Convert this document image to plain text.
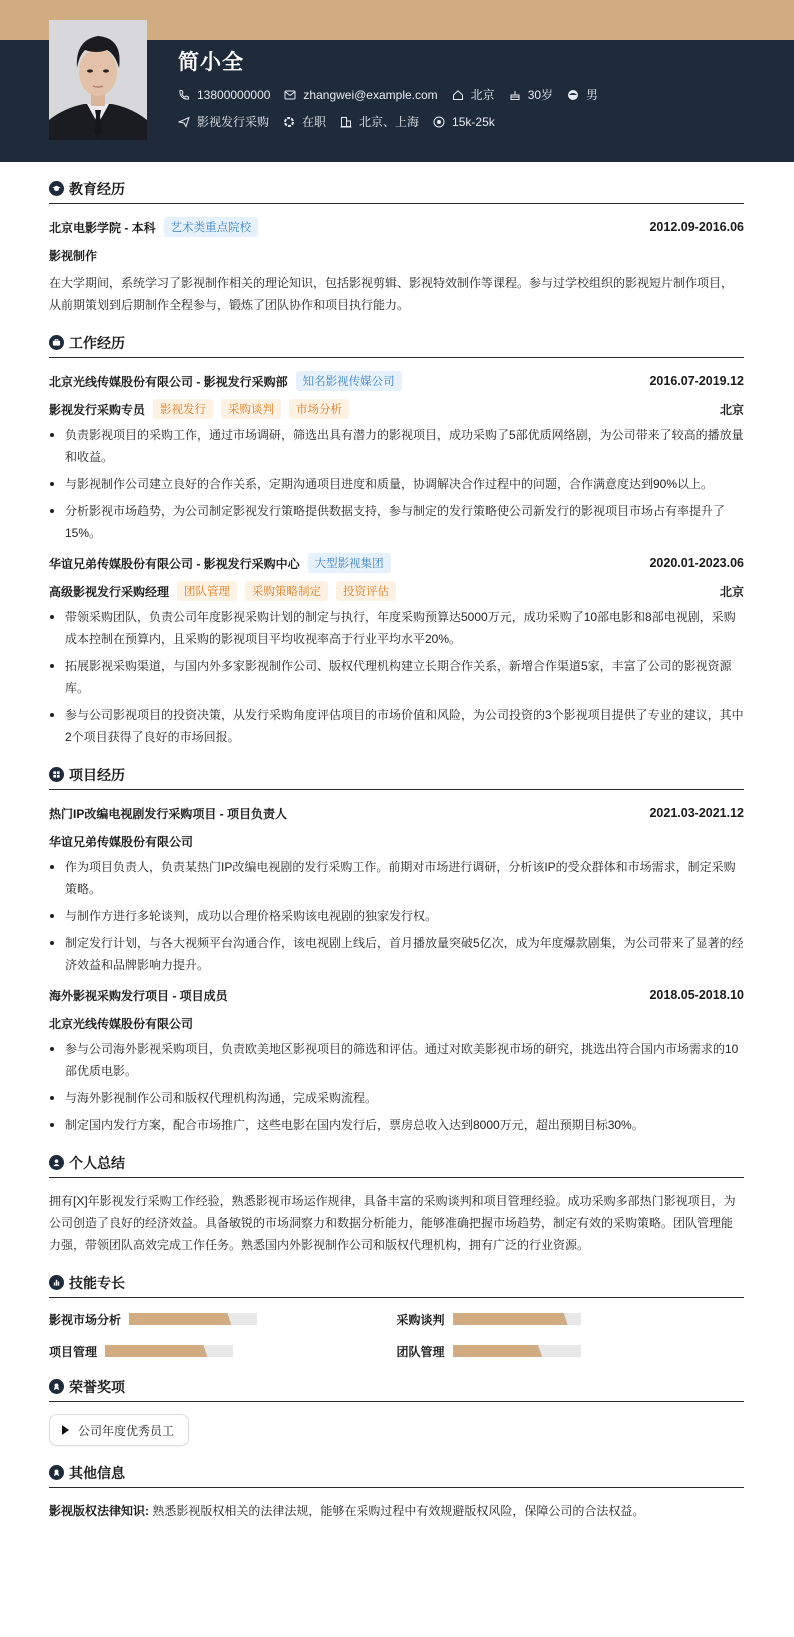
简小全
13800000000	zhangwei@example.com	北京	30岁	男
影视发行采购	在职	北京、上海	15k-25k
教育经历
北京电影学院 - 本科	艺术类重点院校	2012.09-2016.06
影视制作
在大学期间，系统学习了影视制作相关的理论知识，包括影视剪辑、影视特效制作等课程。参与过学校组织的影视短片制作项目，从前期策划到后期制作全程参与，锻炼了团队协作和项目执行能力。
工作经历
北京光线传媒股份有限公司 - 影视发行采购部	知名影视传媒公司	2016.07-2019.12
影视发行采购专员	影视发行	采购谈判	市场分析	北京
负责影视项目的采购工作，通过市场调研，筛选出具有潜力的影视项目，成功采购了5部优质网络剧，为公司带来了较高的播放量和收益。
与影视制作公司建立良好的合作关系，定期沟通项目进度和质量，协调解决合作过程中的问题，合作满意度达到90%以上。
分析影视市场趋势，为公司制定影视发行策略提供数据支持，参与制定的发行策略使公司新发行的影视项目市场占有率提升了15%。
华谊兄弟传媒股份有限公司 - 影视发行采购中心	大型影视集团	2020.01-2023.06
高级影视发行采购经理	团队管理	采购策略制定	投资评估	北京
带领采购团队，负责公司年度影视采购计划的制定与执行，年度采购预算达5000万元，成功采购了10部电影和8部电视剧，采购成本控制在预算内，且采购的影视项目平均收视率高于行业平均水平20%。
拓展影视采购渠道，与国内外多家影视制作公司、版权代理机构建立长期合作关系，新增合作渠道5家，丰富了公司的影视资源库。
参与公司影视项目的投资决策，从发行采购角度评估项目的市场价值和风险，为公司投资的3个影视项目提供了专业的建议，其中2个项目获得了良好的市场回报。
项目经历
热门IP改编电视剧发行采购项目 - 项目负责人	2021.03-2021.12
华谊兄弟传媒股份有限公司
作为项目负责人，负责某热门IP改编电视剧的发行采购工作。前期对市场进行调研，分析该IP的受众群体和市场需求，制定采购策略。
与制作方进行多轮谈判，成功以合理价格采购该电视剧的独家发行权。
制定发行计划，与各大视频平台沟通合作，该电视剧上线后，首月播放量突破5亿次，成为年度爆款剧集，为公司带来了显著的经济效益和品牌影响力提升。
海外影视采购发行项目 - 项目成员	2018.05-2018.10
北京光线传媒股份有限公司
参与公司海外影视采购项目，负责欧美地区影视项目的筛选和评估。通过对欧美影视市场的研究，挑选出符合国内市场需求的10部优质电影。
与海外影视制作公司和版权代理机构沟通，完成采购流程。
制定国内发行方案，配合市场推广，这些电影在国内发行后，票房总收入达到8000万元，超出预期目标30%。
个人总结
拥有[X]年影视发行采购工作经验，熟悉影视市场运作规律，具备丰富的采购谈判和项目管理经验。成功采购多部热门影视项目，为公司创造了良好的经济效益。具备敏锐的市场洞察力和数据分析能力，能够准确把握市场趋势，制定有效的采购策略。团队管理能力强，带领团队高效完成工作任务。熟悉国内外影视制作公司和版权代理机构，拥有广泛的行业资源。
技能专长
影视市场分析	采购谈判
项目管理	团队管理
荣誉奖项
公司年度优秀员工
其他信息
影视版权法律知识: 熟悉影视版权相关的法律法规，能够在采购过程中有效规避版权风险，保障公司的合法权益。
